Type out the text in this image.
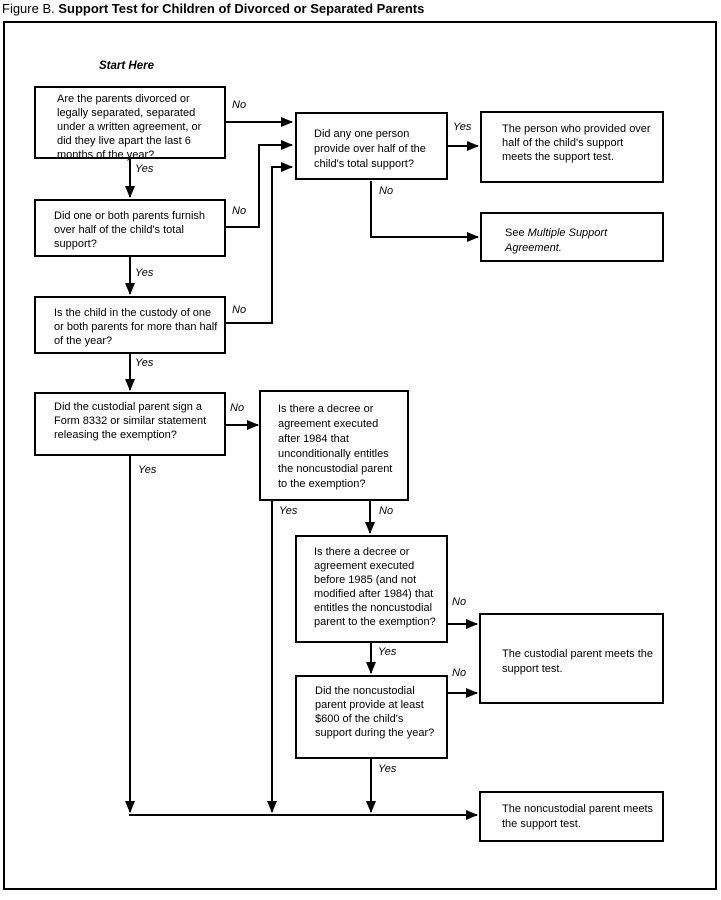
Figure B. Support Test for Children of Divorced or Separated Parents
Start Here
Are the parents divorced or legally separated, separated under a written agreement, or did they live apart the last 6 months of the year?
Did one or both parents furnish over half of the child's total support?
Is the child in the custody of one or both parents for more than half of the year?
Did the custodial parent sign a Form 8332 or similar statement releasing the exemption?
Is there a decree or agreement executed after 1984 that unconditionally entitles the noncustodial parent to the exemption?
Is there a decree or agreement executed before 1985 (and not modified after 1984) that entitles the noncustodial parent to the exemption?
Did the noncustodial parent provide at least $600 of the child's support during the year?
Did any one person provide over half of the child's total support?
The person who provided over half of the child's support meets the support test.
See Multiple Support Agreement.
The custodial parent meets the support test.
The noncustodial parent meets the support test.
No
Yes
No
Yes
No
Yes
No
Yes
Yes
No
Yes	No
No
Yes
No
Yes
